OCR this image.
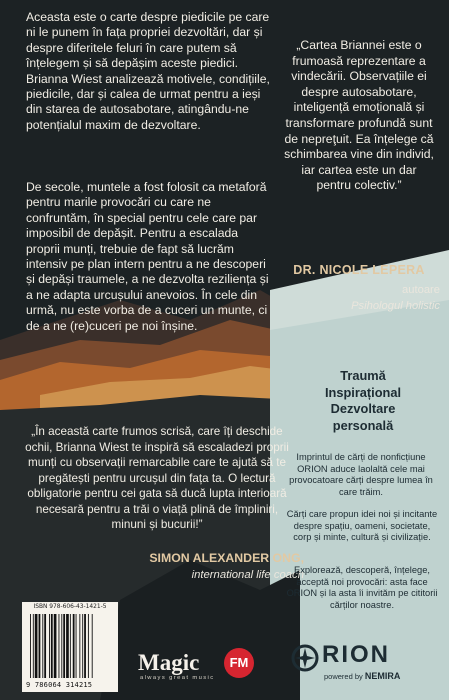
Aceasta este o carte despre piedicile pe care ni le punem în fața propriei dezvoltări, dar și despre diferitele feluri în care putem să înțelegem și să depășim aceste piedici. Brianna Wiest analizează motivele, condițiile, piedicile, dar și calea de urmat pentru a ieși din starea de autosabotare, atingându-ne potențialul maxim de dezvoltare.

De secole, muntele a fost folosit ca metaforă pentru marile provocări cu care ne confruntăm, în special pentru cele care par imposibil de depășit. Pentru a escalada proprii munți, trebuie de fapt să lucrăm intensiv pe plan intern pentru a ne descoperi și depăși traumele, a ne dezvolta reziliența și a ne adapta urcușului anevoios. În cele din urmă, nu este vorba de a cuceri un munte, ci de a ne (re)cuceri pe noi înșine.

„Cartea Briannei este o frumoasă reprezentare a vindecării. Observațiile ei despre autosabotare, inteligență emoțională și transformare profundă sunt de nepreţuit. Ea înțelege că schimbarea vine din individ, iar cartea este un dar pentru colectiv.”

DR. NICOLE LEPERA
autoare
Psihologul holistic

„În această carte frumos scrisă, care îți deschide ochii, Brianna Wiest te inspiră să escaladezi proprii munți cu observații remarcabile care te ajută să te pregătești pentru urcușul din fața ta. O lectură obligatorie pentru cei gata să ducă lupta interioară necesară pentru a trăi o viață plină de împliniri, minuni și bucurii!”

SIMON ALEXANDER ONG,
international life coach
Traumă
Inspirațional
Dezvoltare
personală

Imprintul de cărți de nonficțiune ORION aduce laolaltă cele mai provocatoare cărți despre lumea în care trăim.

Cărți care propun idei noi și incitante despre spațiu, oameni, societate, corp și minte, cultură și civilizație.

Explorează, descoperă, înțelege, acceptă noi provocări: asta face ORION și la asta îi invităm pe cititorii cărților noastre.

ISBN 978-606-43-1421-5
9 786064 314215
Magic	FM
always great music
RION
powered by NEMIRA
